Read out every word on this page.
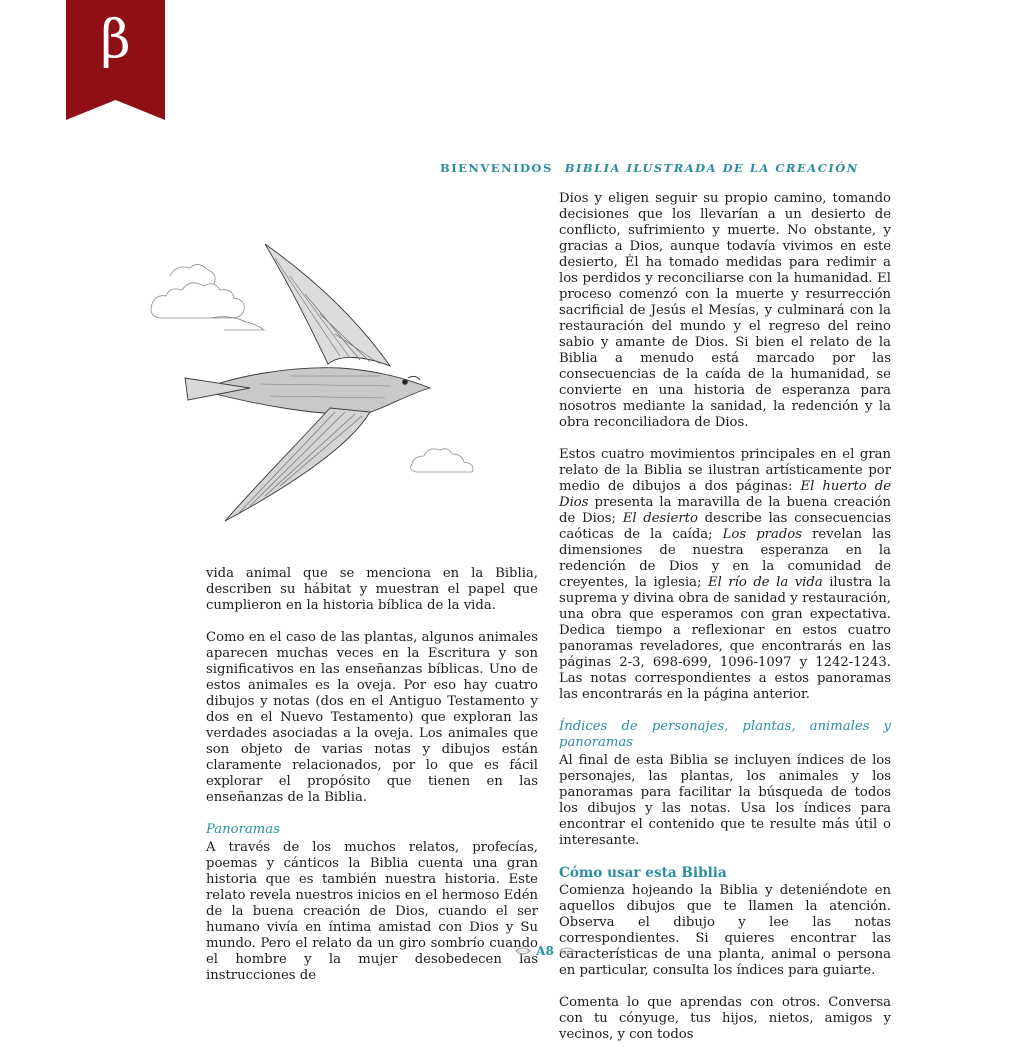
β
BIENVENIDOS BIBLIA ILUSTRADA DE LA CREACIÓN

vida animal que se menciona en la Biblia, describen su hábitat y muestran el papel que cumplieron en la historia bíblica de la vida.

Como en el caso de las plantas, algunos animales aparecen muchas veces en la Escritura y son significativos en las enseñanzas bíblicas. Uno de estos animales es la oveja. Por eso hay cuatro dibujos y notas (dos en el Antiguo Testamento y dos en el Nuevo Testamento) que exploran las verdades asociadas a la oveja. Los animales que son objeto de varias notas y dibujos están claramente relacionados, por lo que es fácil explorar el propósito que tienen en las enseñanzas de la Biblia.

Panoramas

A través de los muchos relatos, profecías, poemas y cánticos la Biblia cuenta una gran historia que es también nuestra historia. Este relato revela nuestros inicios en el hermoso Edén de la buena creación de Dios, cuando el ser humano vivía en íntima amistad con Dios y Su mundo. Pero el relato da un giro sombrío cuando el hombre y la mujer desobedecen las instrucciones de

Dios y eligen seguir su propio camino, tomando decisiones que los llevarían a un desierto de conflicto, sufrimiento y muerte. No obstante, y gracias a Dios, aunque todavía vivimos en este desierto, Él ha tomado medidas para redimir a los perdidos y reconciliarse con la humanidad. El proceso comenzó con la muerte y resurrección sacrificial de Jesús el Mesías, y culminará con la restauración del mundo y el regreso del reino sabio y amante de Dios. Si bien el relato de la Biblia a menudo está marcado por las consecuencias de la caída de la humanidad, se convierte en una historia de esperanza para nosotros mediante la sanidad, la redención y la obra reconciliadora de Dios.

Estos cuatro movimientos principales en el gran relato de la Biblia se ilustran artísticamente por medio de dibujos a dos páginas: El huerto de Dios presenta la maravilla de la buena creación de Dios; El desierto describe las consecuencias caóticas de la caída; Los prados revelan las dimensiones de nuestra esperanza en la redención de Dios y en la comunidad de creyentes, la iglesia; El río de la vida ilustra la suprema y divina obra de sanidad y restauración, una obra que esperamos con gran expectativa. Dedica tiempo a reflexionar en estos cuatro panoramas reveladores, que encontrarás en las páginas 2-3, 698-699, 1096-1097 y 1242-1243. Las notas correspondientes a estos panoramas las encontrarás en la página anterior.

Índices de personajes, plantas, animales y panoramas

Al final de esta Biblia se incluyen índices de los personajes, las plantas, los animales y los panoramas para facilitar la búsqueda de todos los dibujos y las notas. Usa los índices para encontrar el contenido que te resulte más útil o interesante.

Cómo usar esta Biblia

Comienza hojeando la Biblia y deteniéndote en aquellos dibujos que te llamen la atención. Observa el dibujo y lee las notas correspondientes. Si quieres encontrar las características de una planta, animal o persona en particular, consulta los índices para guiarte.

Comenta lo que aprendas con otros. Conversa con tu cónyuge, tus hijos, nietos, amigos y vecinos, y con todos

A8
